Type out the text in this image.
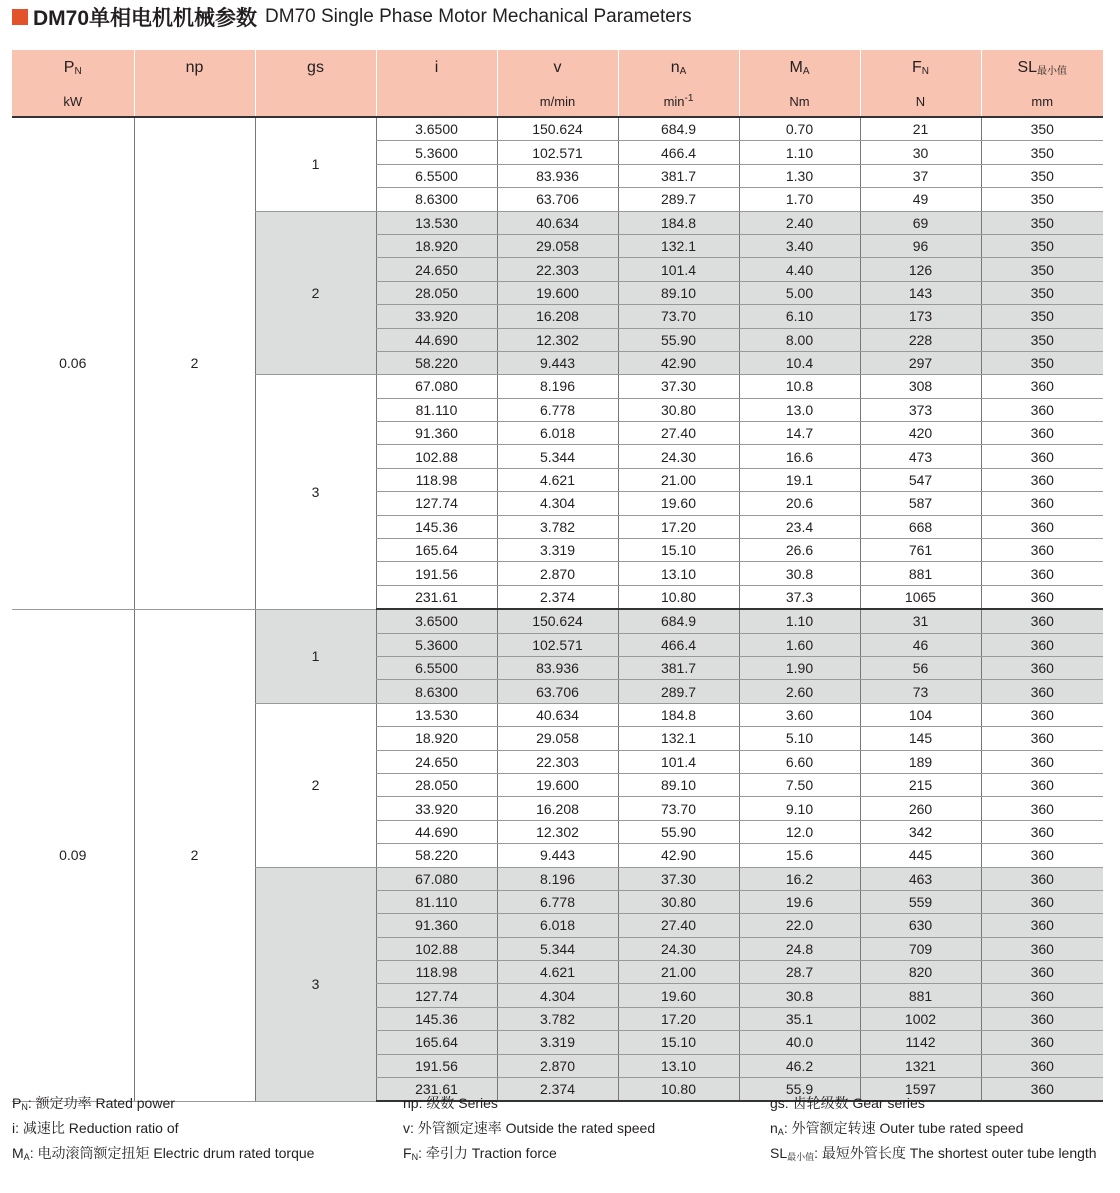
DM70单相电机机械参数 DM70 Single Phase Motor Mechanical Parameters
$P_N$	np	gs	i	v	$n_A$	$M_A$	$F_N$	$SL_{最小值}$
kW				m/min	$\min^{-1}$	Nm	N	mm
0.06	2	1	3.6500	150.624	684.9	0.70	21	350
			5.3600	102.571	466.4	1.10	30	350
			6.5500	83.936	381.7	1.30	37	350
			8.6300	63.706	289.7	1.70	49	350
		2	13.530	40.634	184.8	2.40	69	350
			18.920	29.058	132.1	3.40	96	350
			24.650	22.303	101.4	4.40	126	350
			28.050	19.600	89.10	5.00	143	350
			33.920	16.208	73.70	6.10	173	350
			44.690	12.302	55.90	8.00	228	350
			58.220	9.443	42.90	10.4	297	350
		3	67.080	8.196	37.30	10.8	308	360
			81.110	6.778	30.80	13.0	373	360
			91.360	6.018	27.40	14.7	420	360
			102.88	5.344	24.30	16.6	473	360
			118.98	4.621	21.00	19.1	547	360
			127.74	4.304	19.60	20.6	587	360
			145.36	3.782	17.20	23.4	668	360
			165.64	3.319	15.10	26.6	761	360
			191.56	2.870	13.10	30.8	881	360
			231.61	2.374	10.80	37.3	1065	360
0.09	2	1	3.6500	150.624	684.9	1.10	31	360
			5.3600	102.571	466.4	1.60	46	360
			6.5500	83.936	381.7	1.90	56	360
			8.6300	63.706	289.7	2.60	73	360
		2	13.530	40.634	184.8	3.60	104	360
			18.920	29.058	132.1	5.10	145	360
			24.650	22.303	101.4	6.60	189	360
			28.050	19.600	89.10	7.50	215	360
			33.920	16.208	73.70	9.10	260	360
			44.690	12.302	55.90	12.0	342	360
			58.220	9.443	42.90	15.6	445	360
		3	67.080	8.196	37.30	16.2	463	360
			81.110	6.778	30.80	19.6	559	360
			91.360	6.018	27.40	22.0	630	360
			102.88	5.344	24.30	24.8	709	360
			118.98	4.621	21.00	28.7	820	360
			127.74	4.304	19.60	30.8	881	360
			145.36	3.782	17.20	35.1	1002	360
			165.64	3.319	15.10	40.0	1142	360
			191.56	2.870	13.10	46.2	1321	360
			231.61	2.374	10.80	55.9	1597	360
$P_N$: 额定功率 Rated power
i: 减速比 Reduction ratio of
$M_A$: 电动滚筒额定扭矩 Electric drum rated torque
np: 级数 Series
v: 外管额定速率 Outside the rated speed
$F_N$: 牵引力 Traction force
gs: 齿轮级数 Gear series
$n_A$: 外管额定转速 Outer tube rated speed
$SL_{最小值}$: 最短外管长度 The shortest outer tube length
